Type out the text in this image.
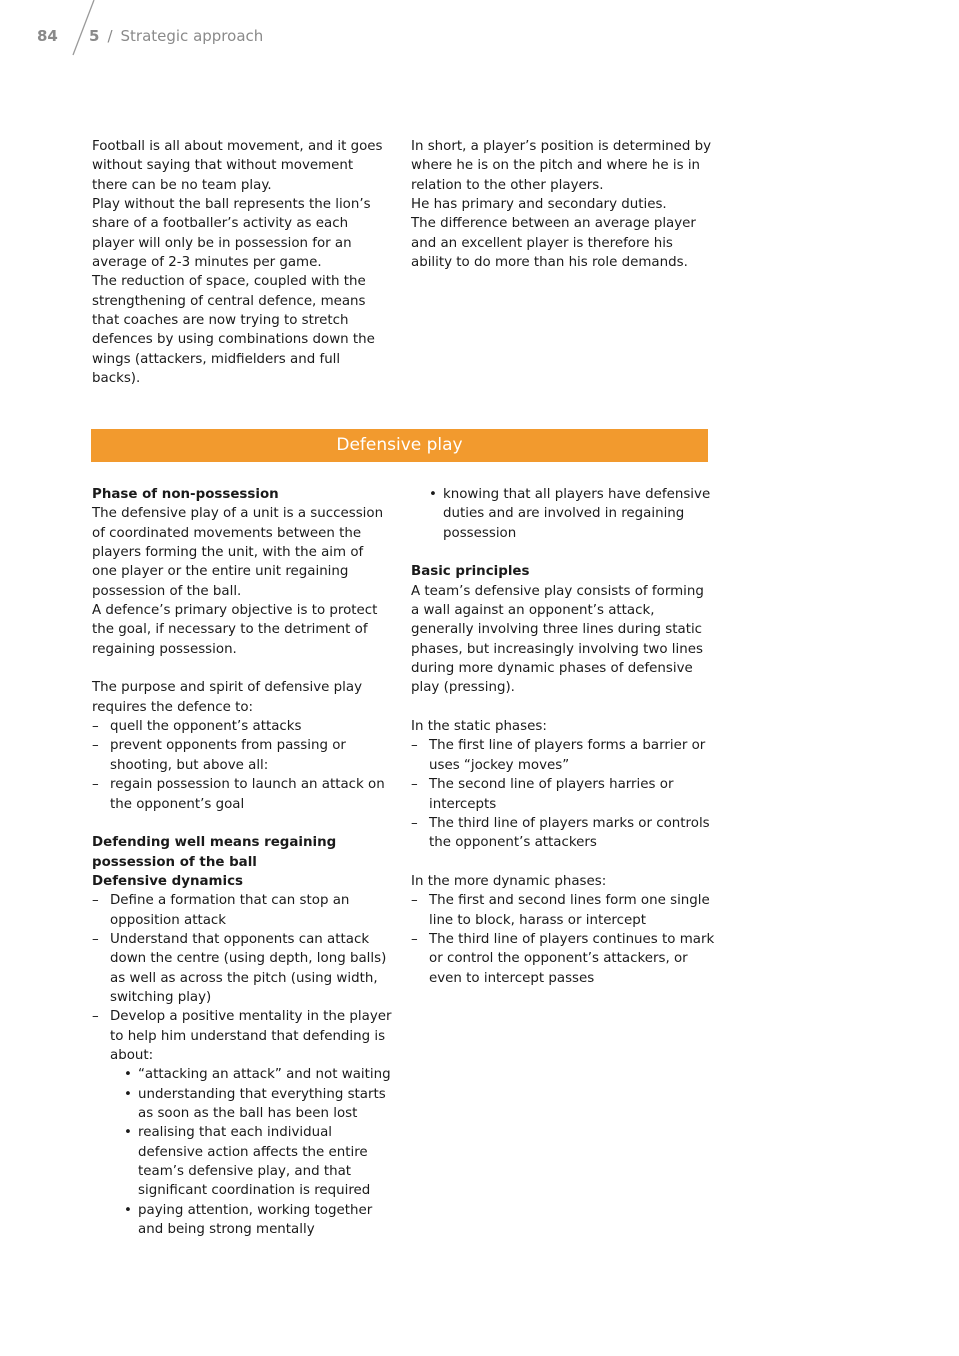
84 5 / Strategic approach

Football is all about movement, and it goes without saying that without movement there can be no team play.

Play without the ball represents the lion’s share of a footballer’s activity as each player will only be in possession for an average of 2-3 minutes per game.

The reduction of space, coupled with the strengthening of central defence, means that coaches are now trying to stretch defences by using combinations down the wings (attackers, midfielders and full backs).

In short, a player’s position is determined by where he is on the pitch and where he is in relation to the other players.

He has primary and secondary duties.

The difference between an average player and an excellent player is therefore his ability to do more than his role demands.

Defensive play

Phase of non-possession

The defensive play of a unit is a succession of coordinated movements between the players forming the unit, with the aim of one player or the entire unit regaining possession of the ball.

A defence’s primary objective is to protect the goal, if necessary to the detriment of regaining possession.

The purpose and spirit of defensive play requires the defence to:

– quell the opponent’s attacks
– prevent opponents from passing or shooting, but above all:
– regain possession to launch an attack on the opponent’s goal

Defending well means regaining possession of the ball

Defensive dynamics

– Define a formation that can stop an opposition attack
– Understand that opponents can attack down the centre (using depth, long balls) as well as across the pitch (using width, switching play)
– Develop a positive mentality in the player to help him understand that defending is about:
• “attacking an attack” and not waiting
• understanding that everything starts as soon as the ball has been lost
• realising that each individual defensive action affects the entire team’s defensive play, and that significant coordination is required
• paying attention, working together and being strong mentally
• knowing that all players have defensive duties and are involved in regaining possession

Basic principles

A team’s defensive play consists of forming a wall against an opponent’s attack, generally involving three lines during static phases, but increasingly involving two lines during more dynamic phases of defensive play (pressing).

In the static phases:

– The first line of players forms a barrier or uses “jockey moves”
– The second line of players harries or intercepts
– The third line of players marks or controls the opponent’s attackers

In the more dynamic phases:

– The first and second lines form one single line to block, harass or intercept
– The third line of players continues to mark or control the opponent’s attackers, or even to intercept passes
